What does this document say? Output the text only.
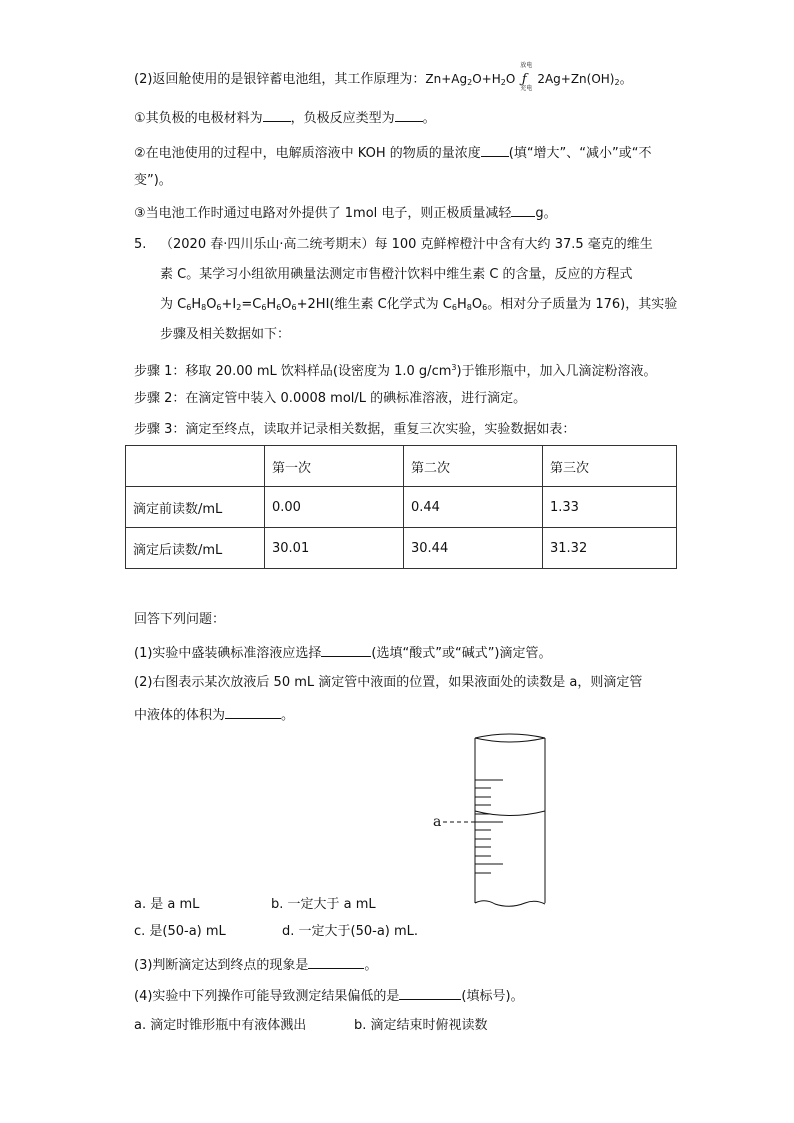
(2)返回舱使用的是银锌蓄电池组，其工作原理为：$Zn+Ag_2O+H_2O$
放电
ƒ
充电
$2Ag+Zn(OH)_2$。
①其负极的电极材料为 ，负极反应类型为 。
②在电池使用的过程中，电解质溶液中 KOH 的物质的量浓度 (填“增大”、“减小”或“不
变”)。
③当电池工作时通过电路对外提供了 1mol 电子，则正极质量减轻 g。
5. （2020 春·四川乐山·高二统考期末）每 100 克鲜榨橙汁中含有大约 37.5 毫克的维生
素 C。某学习小组欲用碘量法测定市售橙汁饮料中维生素 C 的含量，反应的方程式
为 $C_6H_8O_6+I_2=C_6H_6O_6+2HI$(维生素 C化学式为 $C_6H_8O_6$。相对分子质量为 176)，其实验
步骤及相关数据如下：
步骤 1：移取 20.00 mL 饮料样品(设密度为 1.0 $g/cm^3$)于锥形瓶中，加入几滴淀粉溶液。
步骤 2：在滴定管中装入 0.0008 mol/L 的碘标准溶液，进行滴定。
步骤 3：滴定至终点，读取并记录相关数据，重复三次实验，实验数据如表：
	第一次	第二次	第三次
滴定前读数/mL	0.00	0.44	1.33
滴定后读数/mL	30.01	30.44	31.32
回答下列问题：
(1)实验中盛装碘标准溶液应选择	(选填“酸式”或“碱式”)滴定管。
(2)右图表示某次放液后 50 mL 滴定管中液面的位置，如果液面处的读数是 a，则滴定管
中液体的体积为	。
a
a. 是 a mL	b. 一定大于 a mL
c. 是(50-a) mL	d. 一定大于(50-a) mL.
(3)判断滴定达到终点的现象是	。
(4)实验中下列操作可能导致测定结果偏低的是	(填标号)。
a. 滴定时锥形瓶中有液体溅出	b. 滴定结束时俯视读数
